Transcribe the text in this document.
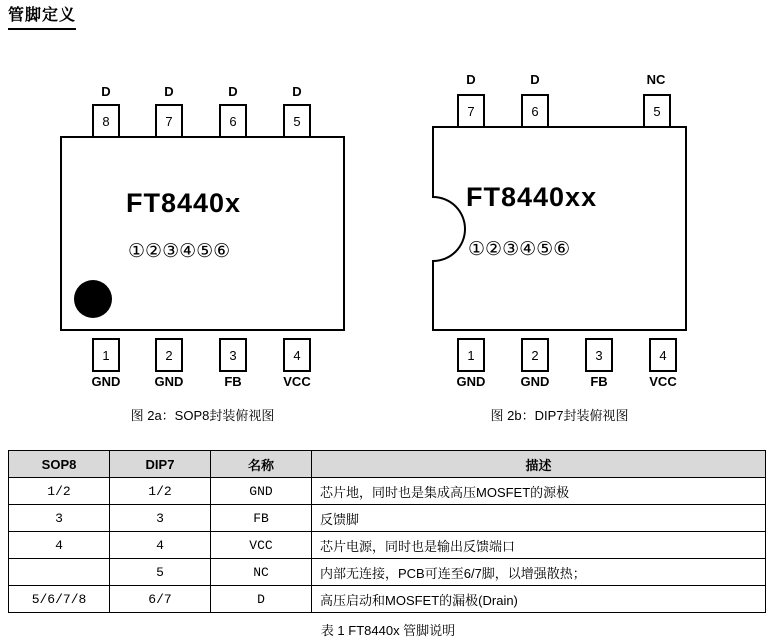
管脚定义
D	D	D	D
8	7	6	5
FT8440x
①②③④⑤⑥
1	2	3	4
GND	GND	FB	VCC
图 2a：SOP8封装俯视图
D	D	NC
7	6	5
FT8440xx
①②③④⑤⑥
1	2	3	4
GND	GND	FB	VCC
图 2b：DIP7封装俯视图
SOP8	DIP7	名称	描述
1/2	1/2	GND	芯片地，同时也是集成高压MOSFET的源极
3	3	FB	反馈脚
4	4	VCC	芯片电源，同时也是输出反馈端口
	5	NC	内部无连接，PCB可连至6/7脚，以增强散热；
5/6/7/8	6/7	D	高压启动和MOSFET的漏极(Drain)
表 1 FT8440x 管脚说明
